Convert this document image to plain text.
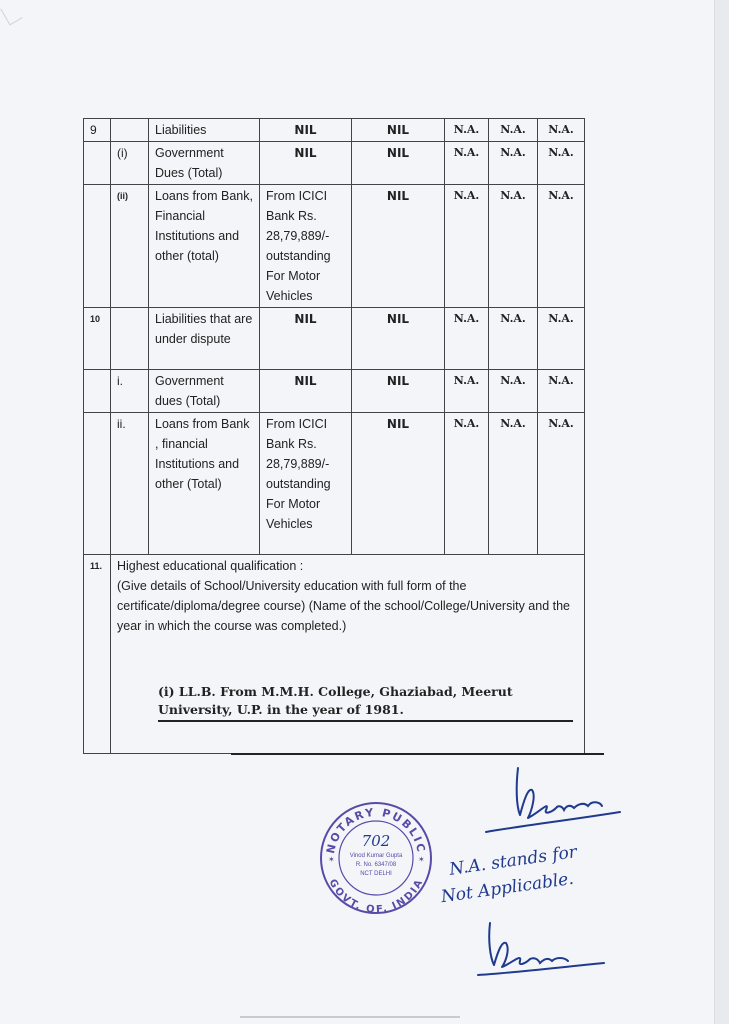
9		Liabilities	NIL	NIL	N.A.	N.A.	N.A.
	(i)	Government Dues (Total)	NIL	NIL	N.A.	N.A.	N.A.
	(ii)	Loans from Bank, Financial Institutions and other (total)	From ICICI Bank Rs. 28,79,889/- outstanding For Motor Vehicles	NIL	N.A.	N.A.	N.A.
10		Liabilities that are under dispute	NIL	NIL	N.A.	N.A.	N.A.
	i.	Government dues (Total)	NIL	NIL	N.A.	N.A.	N.A.
	ii.	Loans from Bank , financial Institutions and other (Total)	From ICICI Bank Rs. 28,79,889/- outstanding For Motor Vehicles	NIL	N.A.	N.A.	N.A.
11.	Highest educational qualification :
(Give details of School/University education with full form of the certificate/diploma/degree course) (Name of the school/College/University and the year in which the course was completed.)
(i) LL.B. From M.M.H. College, Ghaziabad, Meerut University, U.P. in the year of 1981.						
NOTARY PUBLIC
GOVT. OF. INDIA
✶	✶
702
Vinod Kumar Gupta
R. No. 6347/08
NCT DELHI	N.A. stands for
Not Applicable.
